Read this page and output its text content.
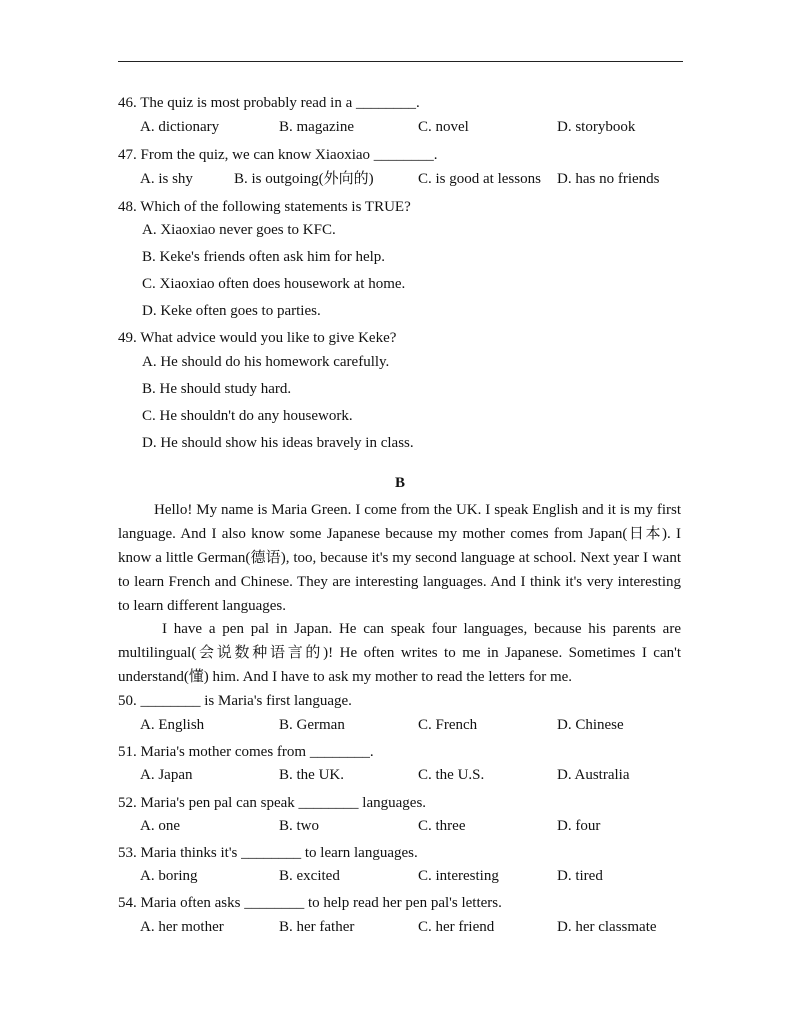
46. The quiz is most probably read in a ________.
A. dictionary	B. magazine	C. novel	D. storybook
47. From the quiz, we can know Xiaoxiao ________.
A. is shy	B. is outgoing(外向的)	C. is good at lessons D. has no friends
48. Which of the following statements is TRUE?
A. Xiaoxiao never goes to KFC.
B. Keke's friends often ask him for help.
C. Xiaoxiao often does housework at home.
D. Keke often goes to parties.
49. What advice would you like to give Keke?
A. He should do his homework carefully.
B. He should study hard.
C. He shouldn't do any housework.
D. He should show his ideas bravely in class.
B
Hello! My name is Maria Green. I come from the UK. I speak English and it is my first language. And I also know some Japanese because my mother comes from Japan(日本). I know a little German(德语), too, because it's my second language at school. Next year I want to learn French and Chinese. They are interesting languages. And I think it's very interesting to learn different languages.
I have a pen pal in Japan. He can speak four languages, because his parents are multilingual(会说数种语言的)! He often writes to me in Japanese. Sometimes I can't understand(懂) him. And I have to ask my mother to read the letters for me.
50. ________ is Maria's first language.
A. English	B. German	C. French	D. Chinese
51. Maria's mother comes from ________.
A. Japan	B. the UK.	C. the U.S.	D. Australia
52. Maria's pen pal can speak ________ languages.
A. one	B. two	C. three	D. four
53. Maria thinks it's ________ to learn languages.
A. boring	B. excited	C. interesting	D. tired
54. Maria often asks ________ to help read her pen pal's letters.
A. her mother	B. her father	C. her friend	D. her classmate
